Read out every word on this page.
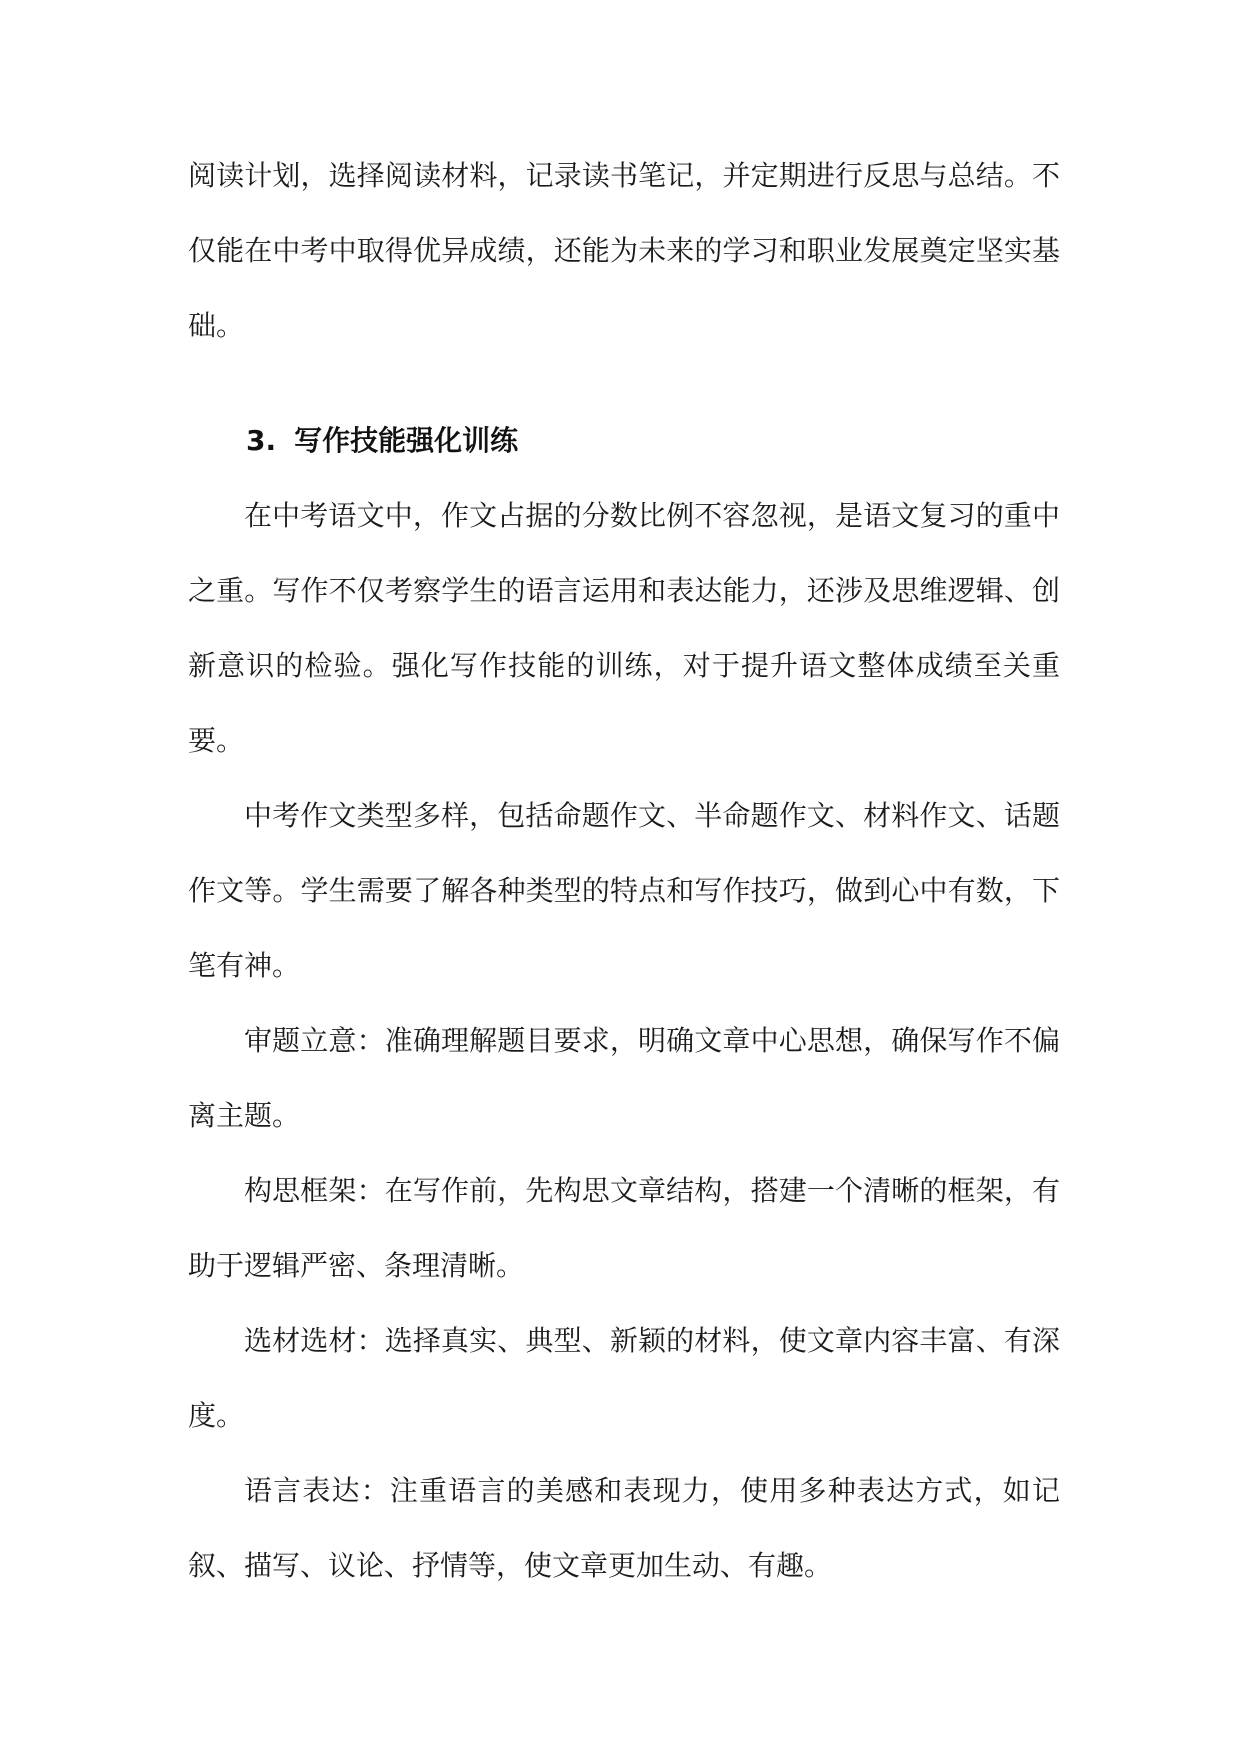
阅读计划，选择阅读材料，记录读书笔记，并定期进行反思与总结。不仅能在中考中取得优异成绩，还能为未来的学习和职业发展奠定坚实基础。

3. 写作技能强化训练

在中考语文中，作文占据的分数比例不容忽视，是语文复习的重中之重。写作不仅考察学生的语言运用和表达能力，还涉及思维逻辑、创新意识的检验。强化写作技能的训练，对于提升语文整体成绩至关重要。

中考作文类型多样，包括命题作文、半命题作文、材料作文、话题作文等。学生需要了解各种类型的特点和写作技巧，做到心中有数，下笔有神。

审题立意：准确理解题目要求，明确文章中心思想，确保写作不偏离主题。

构思框架：在写作前，先构思文章结构，搭建一个清晰的框架，有助于逻辑严密、条理清晰。

选材选材：选择真实、典型、新颖的材料，使文章内容丰富、有深度。

语言表达：注重语言的美感和表现力，使用多种表达方式，如记叙、描写、议论、抒情等，使文章更加生动、有趣。
